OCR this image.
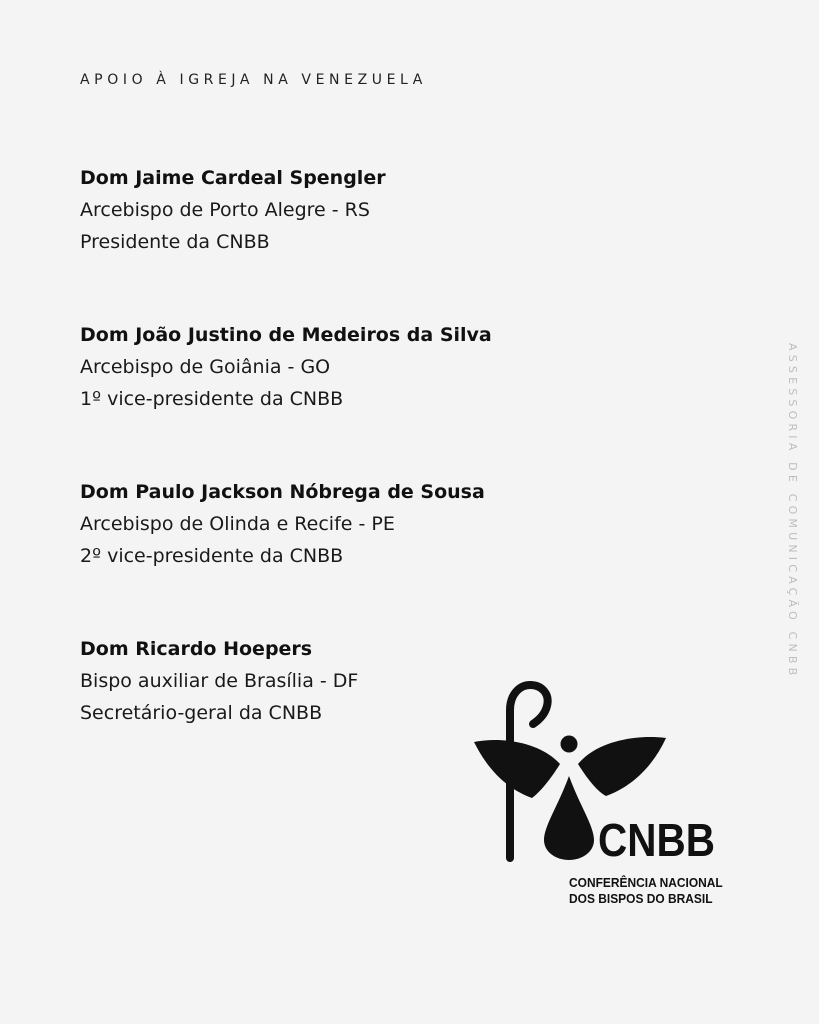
APOIO À IGREJA NA VENEZUELA
Dom Jaime Cardeal Spengler
Arcebispo de Porto Alegre - RS
Presidente da CNBB
Dom João Justino de Medeiros da Silva
Arcebispo de Goiânia - GO
1º vice-presidente da CNBB
Dom Paulo Jackson Nóbrega de Sousa
Arcebispo de Olinda e Recife - PE
2º vice-presidente da CNBB
Dom Ricardo Hoepers
Bispo auxiliar de Brasília - DF
Secretário-geral da CNBB
ASSESSORIA DE COMUNICAÇÃO CNBB
CNBB
CONFERÊNCIA NACIONAL
DOS BISPOS DO BRASIL
